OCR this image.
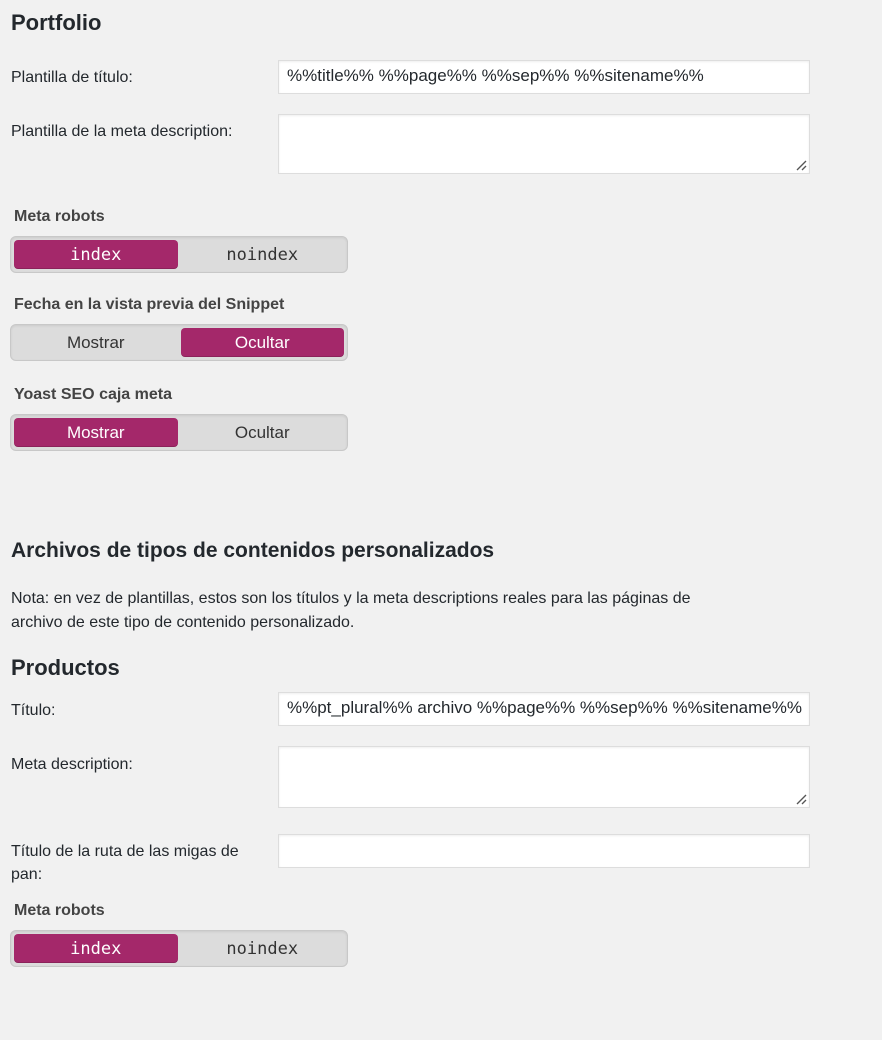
Portfolio
Plantilla de título:	%%title%% %%page%% %%sep%% %%sitename%%
Plantilla de la meta description:
Meta robots
index	noindex
Fecha en la vista previa del Snippet
Mostrar	Ocultar
Yoast SEO caja meta
Mostrar	Ocultar
Archivos de tipos de contenidos personalizados
Nota: en vez de plantillas, estos son los títulos y la meta descriptions reales para las páginas de
archivo de este tipo de contenido personalizado.
Productos
Título:	%%pt_plural%% archivo %%page%% %%sep%% %%sitename%%
Meta description:
Título de la ruta de las migas de
pan:
Meta robots
index	noindex
